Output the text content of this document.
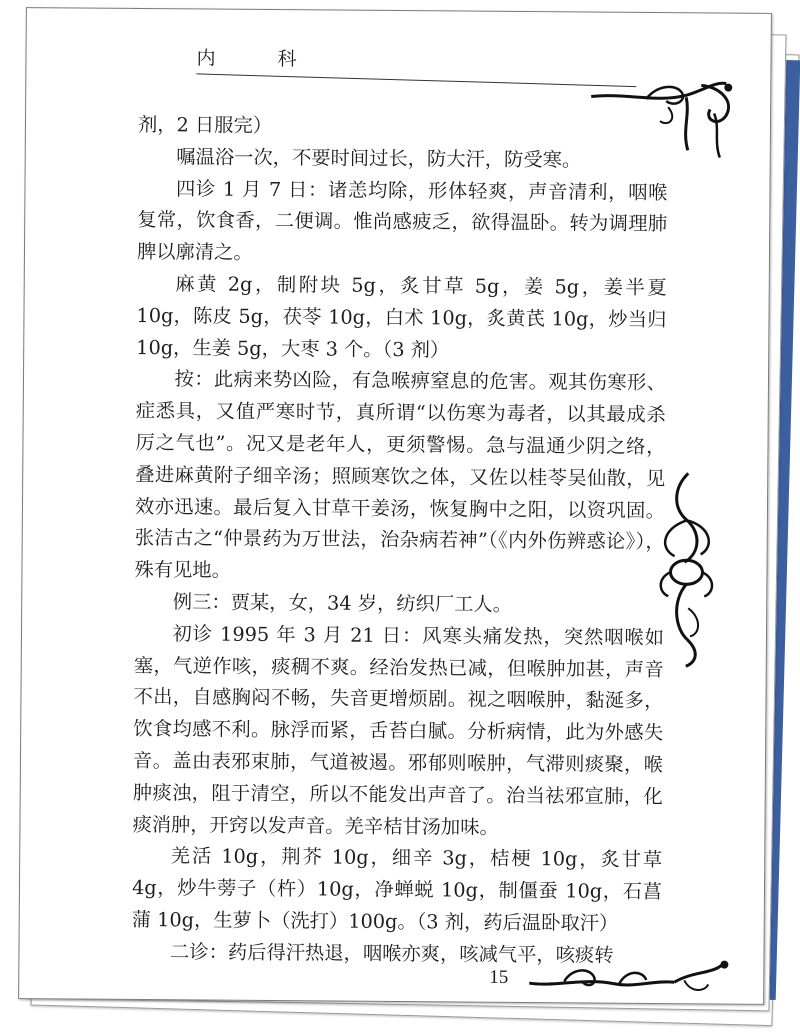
内 科

剂，2 日服完）

嘱温浴一次，不要时间过长，防大汗，防受寒。

四诊 1 月 7 日：诸恙均除，形体轻爽，声音清利，咽喉复常，饮食香，二便调。惟尚感疲乏，欲得温卧。转为调理肺脾以廓清之。

麻黄 2g，制附块 5g，炙甘草 5g，姜 5g，姜半夏 10g，陈皮 5g，茯苓 10g，白术 10g，炙黄芪 10g，炒当归 10g，生姜 5g，大枣 3 个。（3 剂）

按：此病来势凶险，有急喉痹窒息的危害。观其伤寒形、症悉具，又值严寒时节，真所谓“以伤寒为毒者，以其最成杀厉之气也”。况又是老年人，更须警惕。急与温通少阴之络，叠进麻黄附子细辛汤；照顾寒饮之体，又佐以桂苓吴仙散，见效亦迅速。最后复入甘草干姜汤，恢复胸中之阳，以资巩固。张洁古之“仲景药为万世法，治杂病若神”（《内外伤辨惑论》），殊有见地。

例三：贾某，女，34 岁，纺织厂工人。

初诊 1995 年 3 月 21 日：风寒头痛发热，突然咽喉如塞，气逆作咳，痰稠不爽。经治发热已减，但喉肿加甚，声音不出，自感胸闷不畅，失音更增烦剧。视之咽喉肿，黏涎多，饮食均感不利。脉浮而紧，舌苔白腻。分析病情，此为外感失音。盖由表邪束肺，气道被遏。邪郁则喉肿，气滞则痰聚，喉肿痰浊，阻于清空，所以不能发出声音了。治当祛邪宣肺，化痰消肿，开窍以发声音。羌辛桔甘汤加味。

羌活 10g，荆芥 10g，细辛 3g，桔梗 10g，炙甘草 4g，炒牛蒡子（杵）10g，净蝉蜕 10g，制僵蚕 10g，石菖蒲 10g，生萝卜（洗打）100g。（3 剂，药后温卧取汗）

二诊：药后得汗热退，咽喉亦爽，咳减气平，咳痰转

15
